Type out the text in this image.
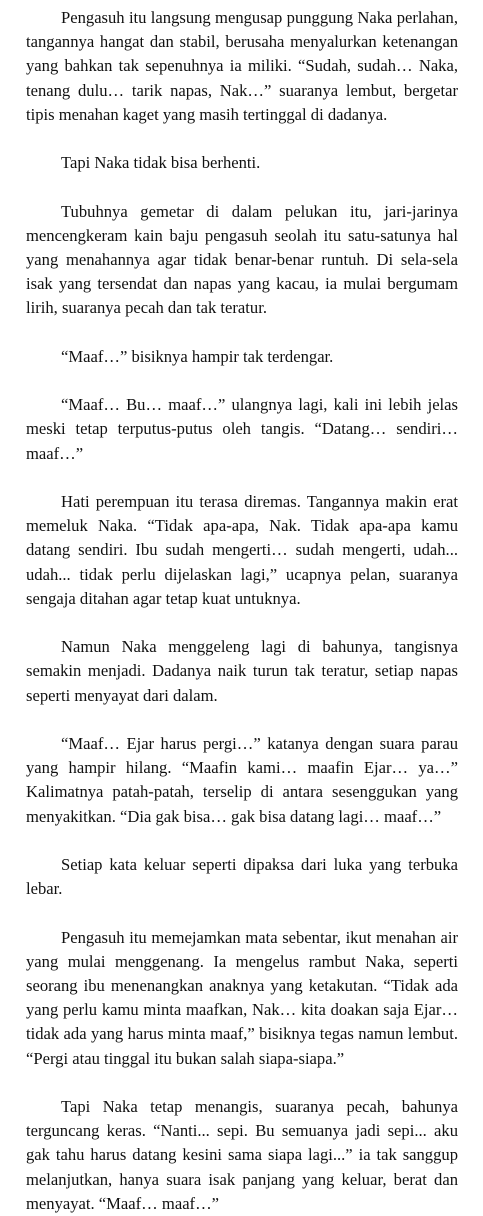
Pengasuh itu langsung mengusap punggung Naka perlahan, tangannya hangat dan stabil, berusaha menyalurkan ketenangan yang bahkan tak sepenuhnya ia miliki. “Sudah, sudah… Naka, tenang dulu… tarik napas, Nak…” suaranya lembut, bergetar tipis menahan kaget yang masih tertinggal di dadanya.

Tapi Naka tidak bisa berhenti.

Tubuhnya gemetar di dalam pelukan itu, jari-jarinya mencengkeram kain baju pengasuh seolah itu satu-satunya hal yang menahannya agar tidak benar-benar runtuh. Di sela-sela isak yang tersendat dan napas yang kacau, ia mulai bergumam lirih, suaranya pecah dan tak teratur.

“Maaf…” bisiknya hampir tak terdengar.

“Maaf… Bu… maaf…” ulangnya lagi, kali ini lebih jelas meski tetap terputus-putus oleh tangis. “Datang… sendiri… maaf…”

Hati perempuan itu terasa diremas. Tangannya makin erat memeluk Naka. “Tidak apa-apa, Nak. Tidak apa-apa kamu datang sendiri. Ibu sudah mengerti… sudah mengerti, udah... udah... tidak perlu dijelaskan lagi,” ucapnya pelan, suaranya sengaja ditahan agar tetap kuat untuknya.

Namun Naka menggeleng lagi di bahunya, tangisnya semakin menjadi. Dadanya naik turun tak teratur, setiap napas seperti menyayat dari dalam.

“Maaf… Ejar harus pergi…” katanya dengan suara parau yang hampir hilang. “Maafin kami… maafin Ejar… ya…” Kalimatnya patah-patah, terselip di antara sesenggukan yang menyakitkan. “Dia gak bisa… gak bisa datang lagi… maaf…”

Setiap kata keluar seperti dipaksa dari luka yang terbuka lebar.

Pengasuh itu memejamkan mata sebentar, ikut menahan air yang mulai menggenang. Ia mengelus rambut Naka, seperti seorang ibu menenangkan anaknya yang ketakutan. “Tidak ada yang perlu kamu minta maafkan, Nak… kita doakan saja Ejar… tidak ada yang harus minta maaf,” bisiknya tegas namun lembut. “Pergi atau tinggal itu bukan salah siapa-siapa.”

Tapi Naka tetap menangis, suaranya pecah, bahunya terguncang keras. “Nanti... sepi. Bu semuanya jadi sepi... aku gak tahu harus datang kesini sama siapa lagi...” ia tak sanggup melanjutkan, hanya suara isak panjang yang keluar, berat dan menyayat. “Maaf… maaf…”
